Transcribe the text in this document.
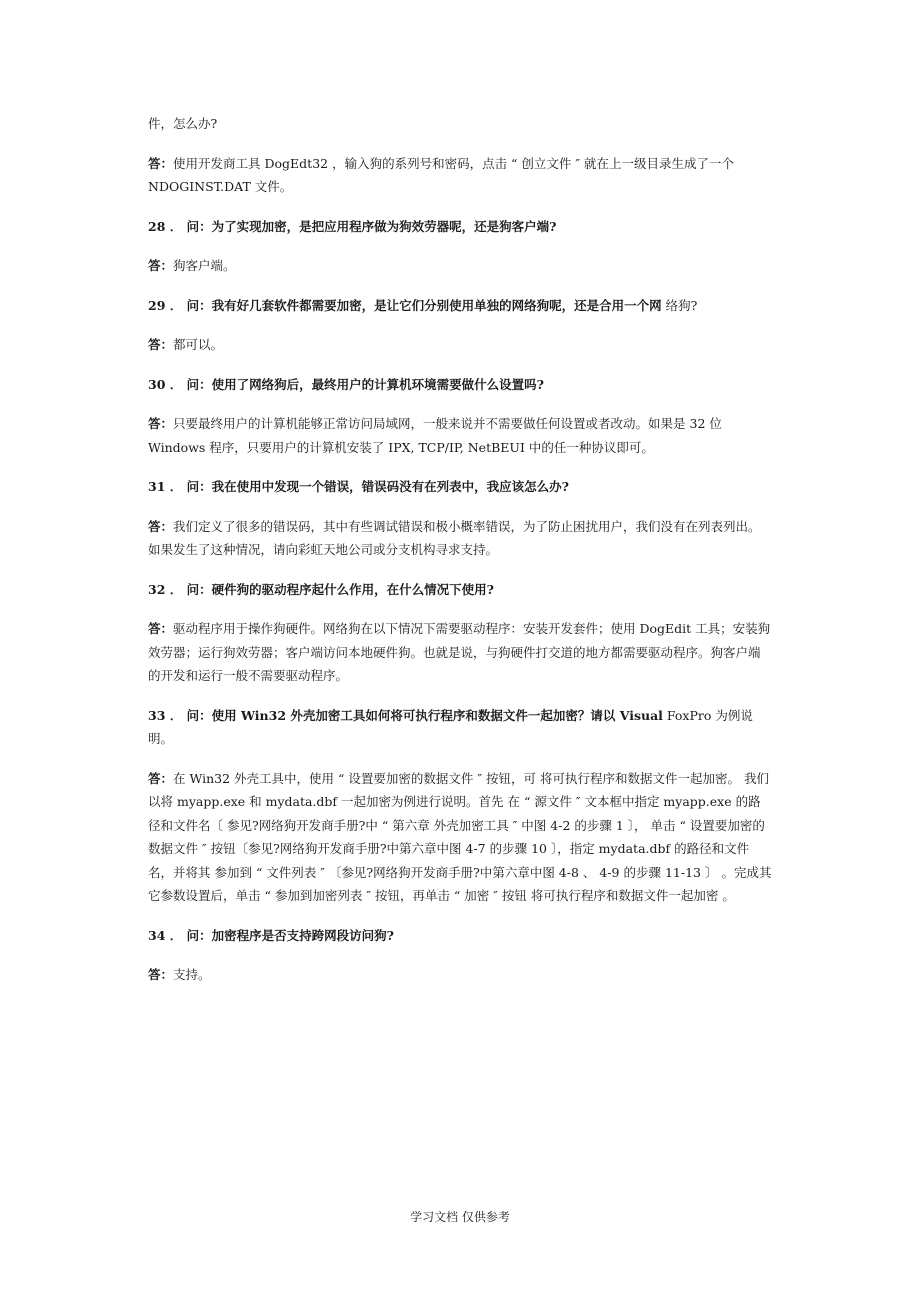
件，怎么办?

答：使用开发商工具 DogEdt32 ，输入狗的系列号和密码，点击 “ 创立文件 ″ 就在上一级目录生成了一个 NDOGINST.DAT 文件。

28 ． 问：为了实现加密，是把应用程序做为狗效劳器呢，还是狗客户端?

答：狗客户端。

29 ． 问：我有好几套软件都需要加密，是让它们分别使用单独的网络狗呢，还是合用一个网 络狗?

答：都可以。

30 ． 问：使用了网络狗后，最终用户的计算机环境需要做什么设置吗?

答：只要最终用户的计算机能够正常访问局域网，一般来说并不需要做任何设置或者改动。如果是 32 位 Windows 程序，只要用户的计算机安装了 IPX, TCP/IP, NetBEUI 中的任一种协议即可。

31 ． 问：我在使用中发现一个错误，错误码没有在列表中，我应该怎么办?

答：我们定义了很多的错误码，其中有些调试错误和极小概率错误，为了防止困扰用户，我们没有在列表列出。如果发生了这种情况，请向彩虹天地公司或分支机构寻求支持。

32 ． 问：硬件狗的驱动程序起什么作用，在什么情况下使用?

答：驱动程序用于操作狗硬件。网络狗在以下情况下需要驱动程序：安装开发套件；使用 DogEdit 工具；安装狗效劳器；运行狗效劳器；客户端访问本地硬件狗。也就是说，与狗硬件打交道的地方都需要驱动程序。狗客户端的开发和运行一般不需要驱动程序。

33 ． 问：使用 Win32 外壳加密工具如何将可执行程序和数据文件一起加密？请以 Visual FoxPro 为例说明。

答：在 Win32 外壳工具中，使用 “ 设置要加密的数据文件 ″ 按钮，可 将可执行程序和数据文件一起加密。 我们以将 myapp.exe 和 mydata.dbf 一起加密为例进行说明。首先 在 “ 源文件 ″ 文本框中指定 myapp.exe 的路径和文件名〔 参见?网络狗开发商手册?中 “ 第六章 外壳加密工具 ″ 中图 4-2 的步骤 1 〕， 单击 “ 设置要加密的数据文件 ″ 按钮〔参见?网络狗开发商手册?中第六章中图 4-7 的步骤 10 〕，指定 mydata.dbf 的路径和文件名，并将其 参加到 “ 文件列表 ″ 〔参见?网络狗开发商手册?中第六章中图 4-8 、 4-9 的步骤 11-13 〕 。完成其它参数设置后，单击 “ 参加到加密列表 ″ 按钮，再单击 “ 加密 ″ 按钮 将可执行程序和数据文件一起加密 。

34 ． 问：加密程序是否支持跨网段访问狗?

答：支持。

学习文档 仅供参考
